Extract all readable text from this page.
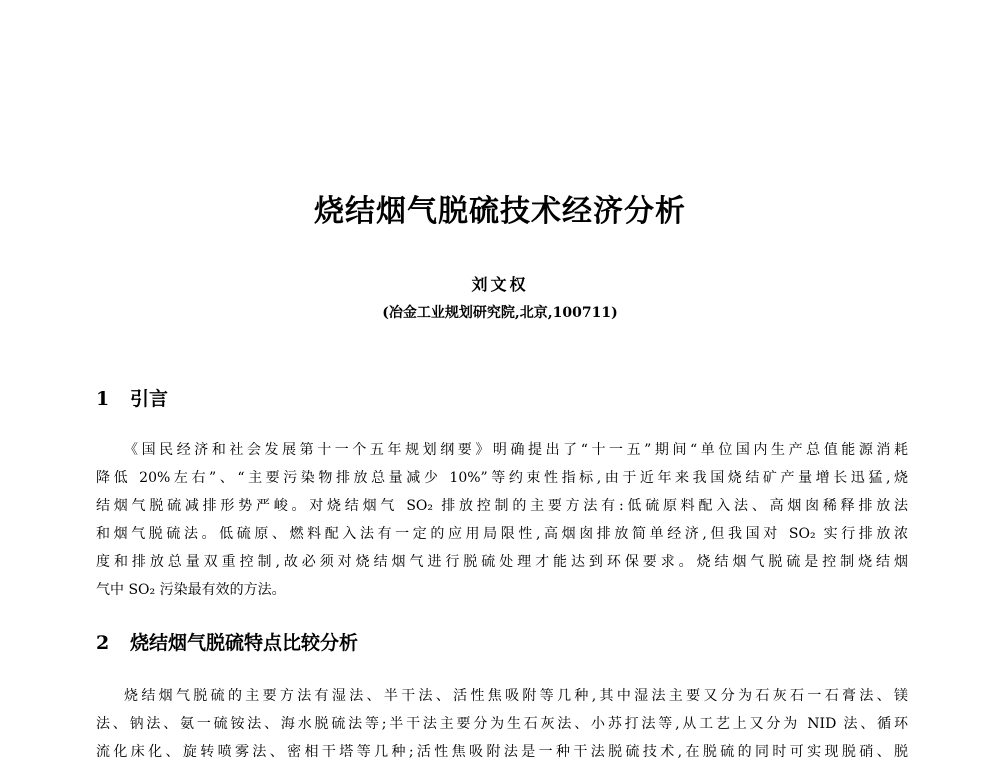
烧结烟气脱硫技术经济分析
刘文权
(冶金工业规划研究院,北京,100711)
1 引言
《国民经济和社会发展第十一个五年规划纲要》明确提出了“十一五”期间“单位国内生产总值能源消耗
降低 20%左右”、“主要污染物排放总量减少 10%”等约束性指标,由于近年来我国烧结矿产量增长迅猛,烧
结烟气脱硫减排形势严峻。对烧结烟气 SO₂ 排放控制的主要方法有:低硫原料配入法、高烟囱稀释排放法
和烟气脱硫法。低硫原、燃料配入法有一定的应用局限性,高烟囱排放简单经济,但我国对 SO₂ 实行排放浓
度和排放总量双重控制,故必须对烧结烟气进行脱硫处理才能达到环保要求。烧结烟气脱硫是控制烧结烟
气中 SO₂ 污染最有效的方法。
2 烧结烟气脱硫特点比较分析
烧结烟气脱硫的主要方法有湿法、半干法、活性焦吸附等几种,其中湿法主要又分为石灰石一石膏法、镁
法、钠法、氨一硫铵法、海水脱硫法等;半干法主要分为生石灰法、小苏打法等,从工艺上又分为 NID 法、循环
流化床化、旋转喷雾法、密相干塔等几种;活性焦吸附法是一种干法脱硫技术,在脱硫的同时可实现脱硝、脱
